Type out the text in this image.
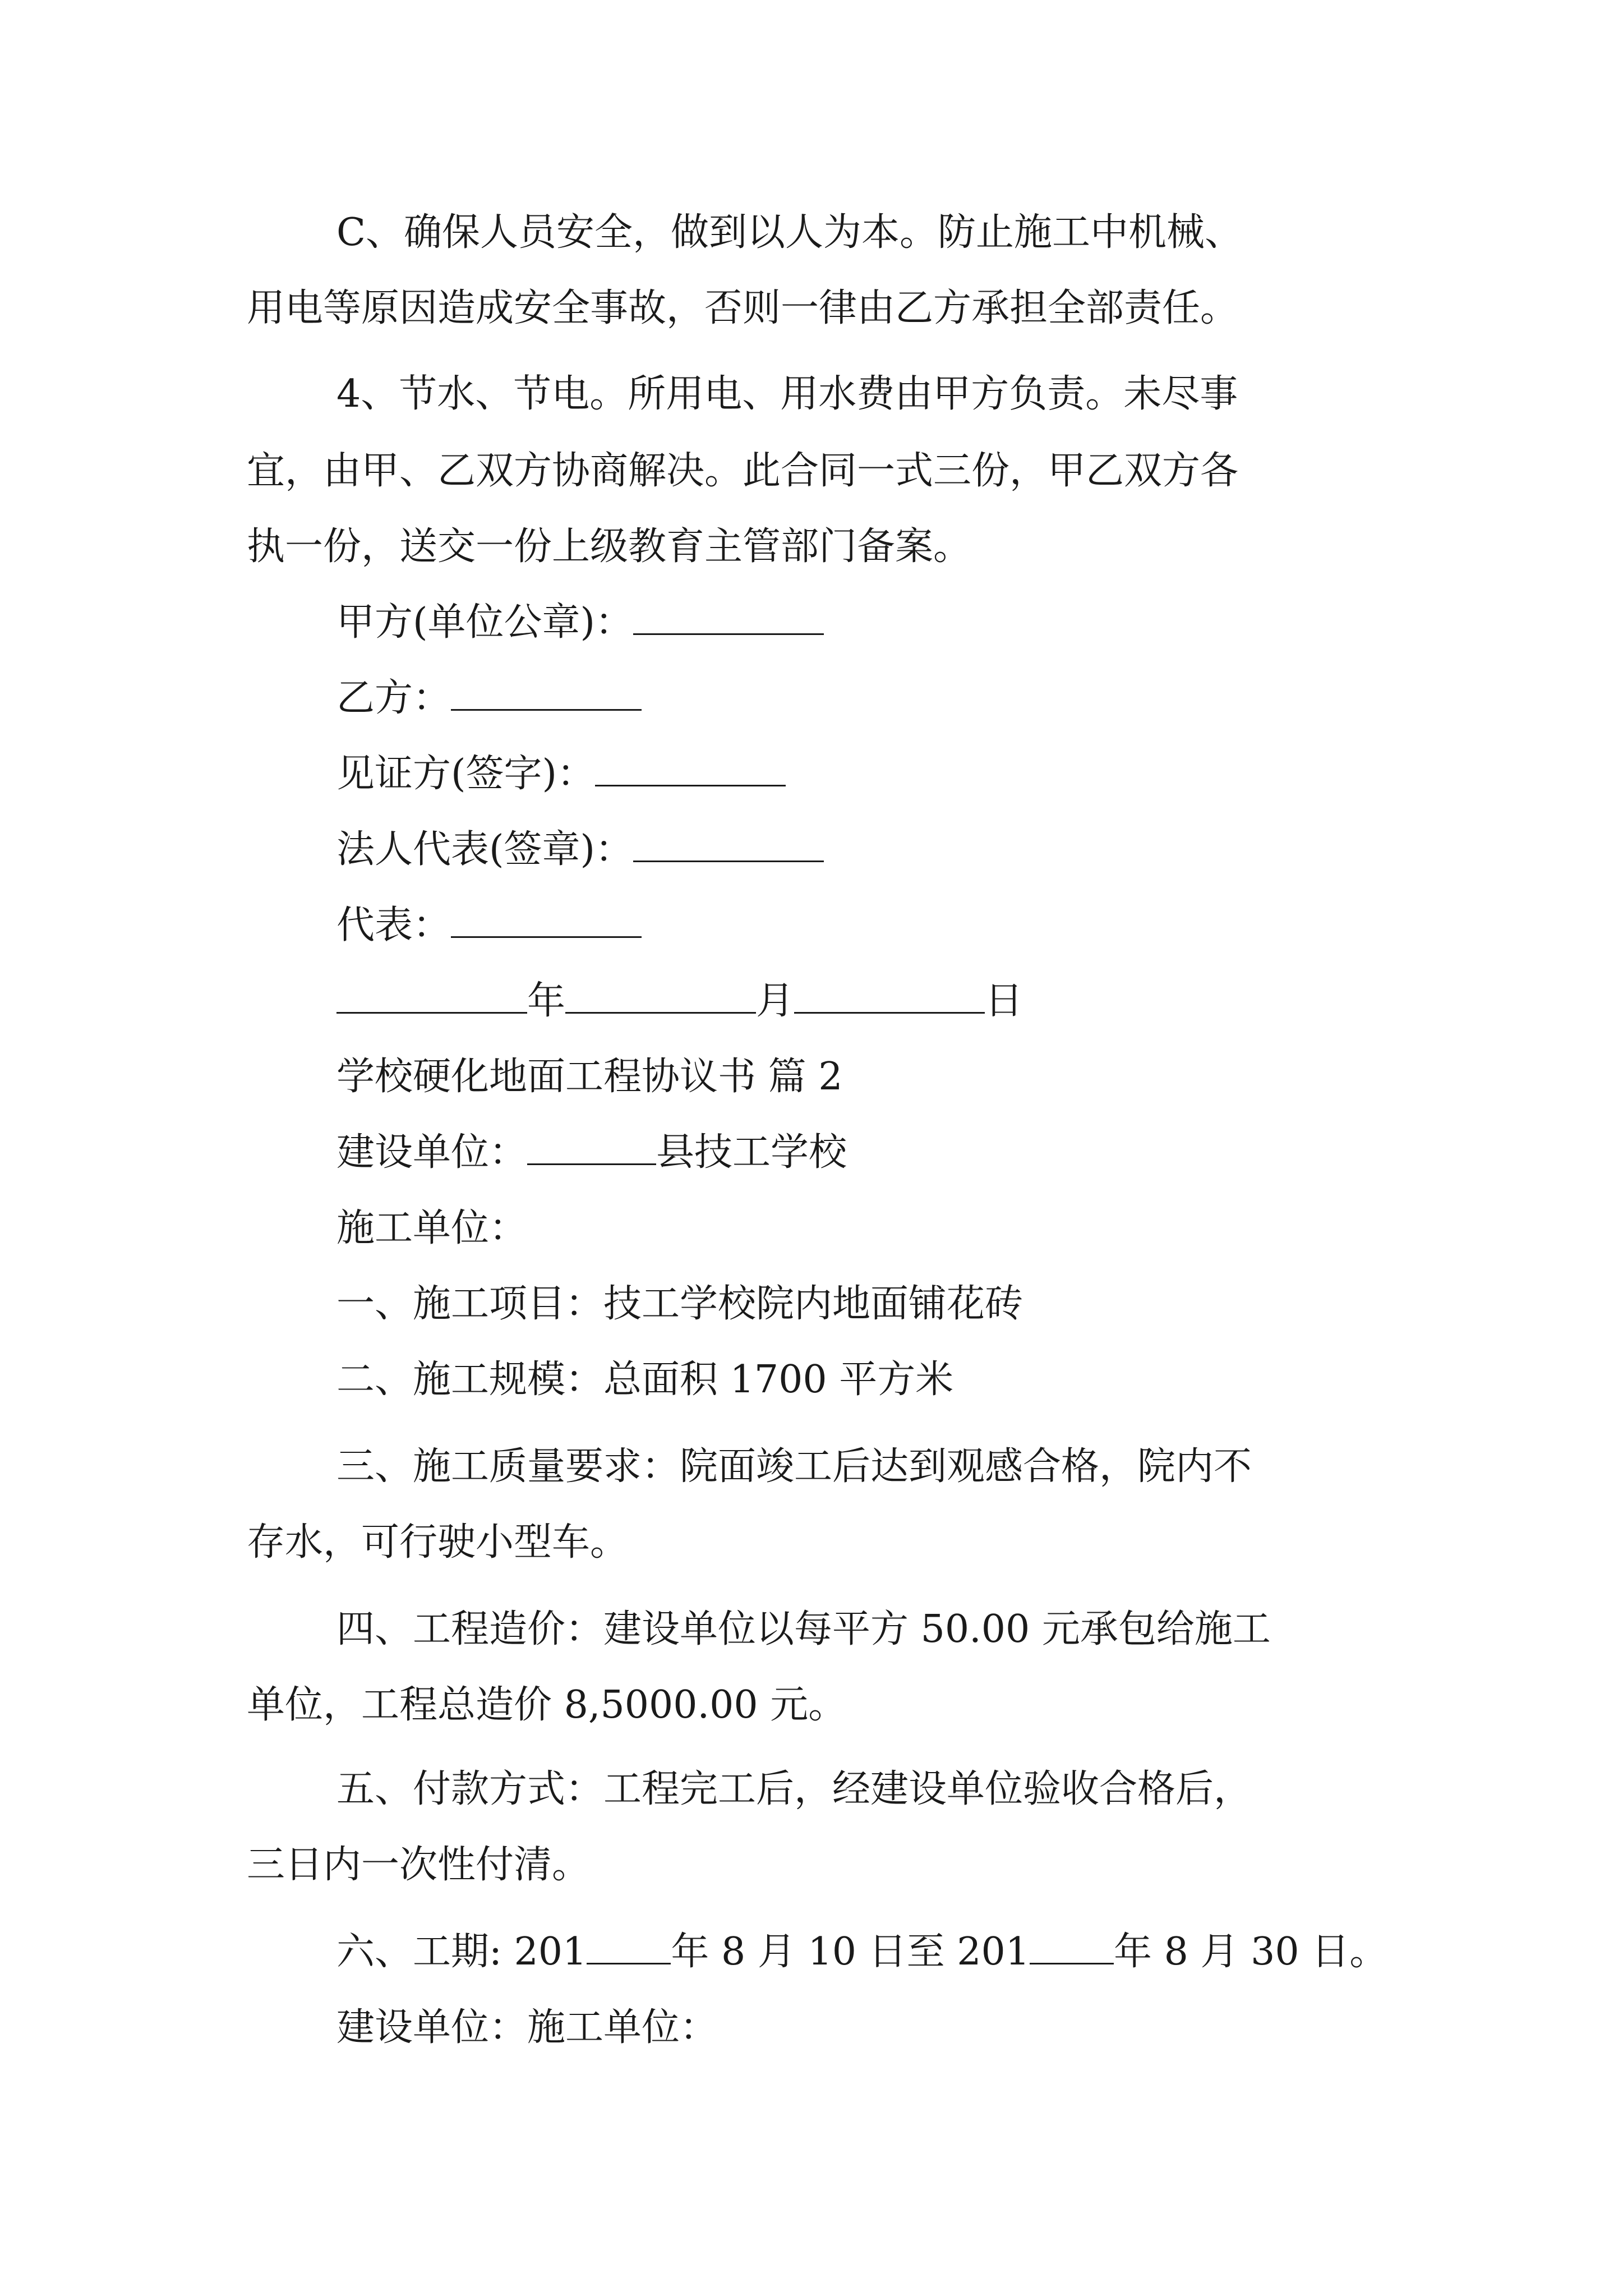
C、确保人员安全，做到以人为本。防止施工中机械、
用电等原因造成安全事故，否则一律由乙方承担全部责任。
4、节水、节电。所用电、用水费由甲方负责。未尽事
宜，由甲、乙双方协商解决。此合同一式三份，甲乙双方各
执一份，送交一份上级教育主管部门备案。
甲方(单位公章)：
乙方：
见证方(签字)：
法人代表(签章)：
代表：
年	月	日
学校硬化地面工程协议书 篇 2
建设单位：	县技工学校
施工单位：
一、施工项目：技工学校院内地面铺花砖
二、施工规模：总面积 1700 平方米
三、施工质量要求：院面竣工后达到观感合格，院内不
存水，可行驶小型车。
四、工程造价：建设单位以每平方 50.00 元承包给施工
单位，工程总造价 8,5000.00 元。
五、付款方式：工程完工后，经建设单位验收合格后，
三日内一次性付清。
六、工期: 201 年 8 月 10 日至 201 年 8 月 30 日。
建设单位：施工单位：
